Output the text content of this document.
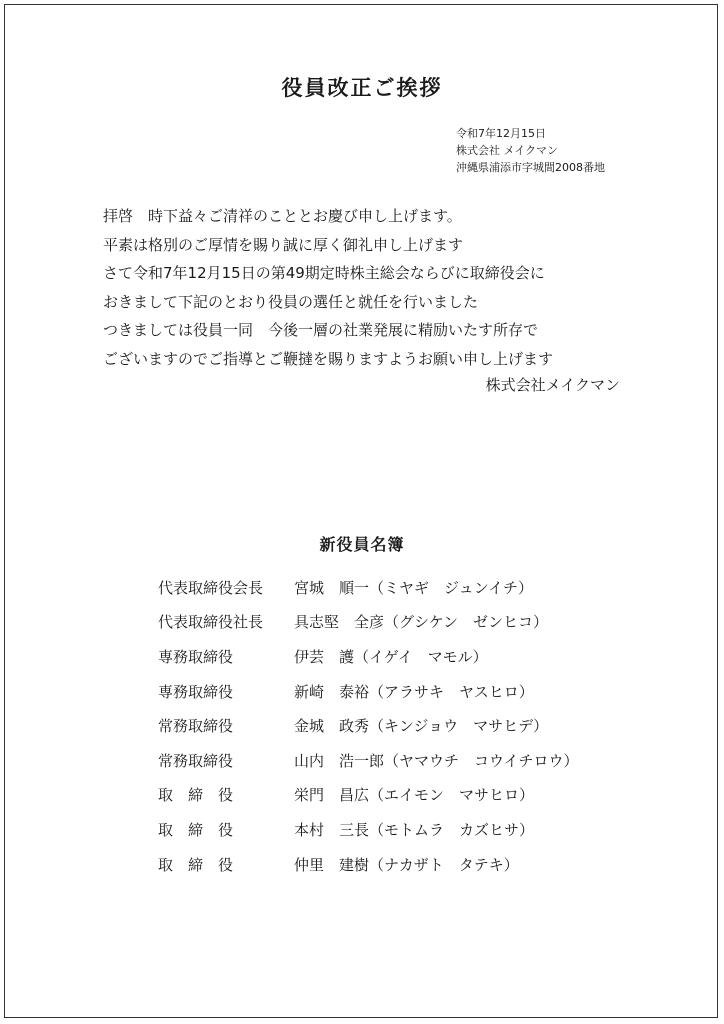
役員改正ご挨拶
令和7年12月15日
株式会社 メイクマン
沖縄県浦添市字城間2008番地
拝啓　時下益々ご清祥のこととお慶び申し上げます。
平素は格別のご厚情を賜り誠に厚く御礼申し上げます
さて令和7年12月15日の第49期定時株主総会ならびに取締役会に
おきまして下記のとおり役員の選任と就任を行いました
つきましては役員一同　今後一層の社業発展に精励いたす所存で
ございますのでご指導とご鞭撻を賜りますようお願い申し上げます
株式会社メイクマン
新役員名簿
代表取締役会長	宮城　順一（ミヤギ　ジュンイチ）
代表取締役社長	具志堅　全彦（グシケン　ゼンヒコ）
専務取締役	伊芸　護（イゲイ　マモル）
専務取締役	新崎　泰裕（アラサキ　ヤスヒロ）
常務取締役	金城　政秀（キンジョウ　マサヒデ）
常務取締役	山内　浩一郎（ヤマウチ　コウイチロウ）
取　締　役	栄門　昌広（エイモン　マサヒロ）
取　締　役	本村　三長（モトムラ　カズヒサ）
取　締　役	仲里　建樹（ナカザト　タテキ）
